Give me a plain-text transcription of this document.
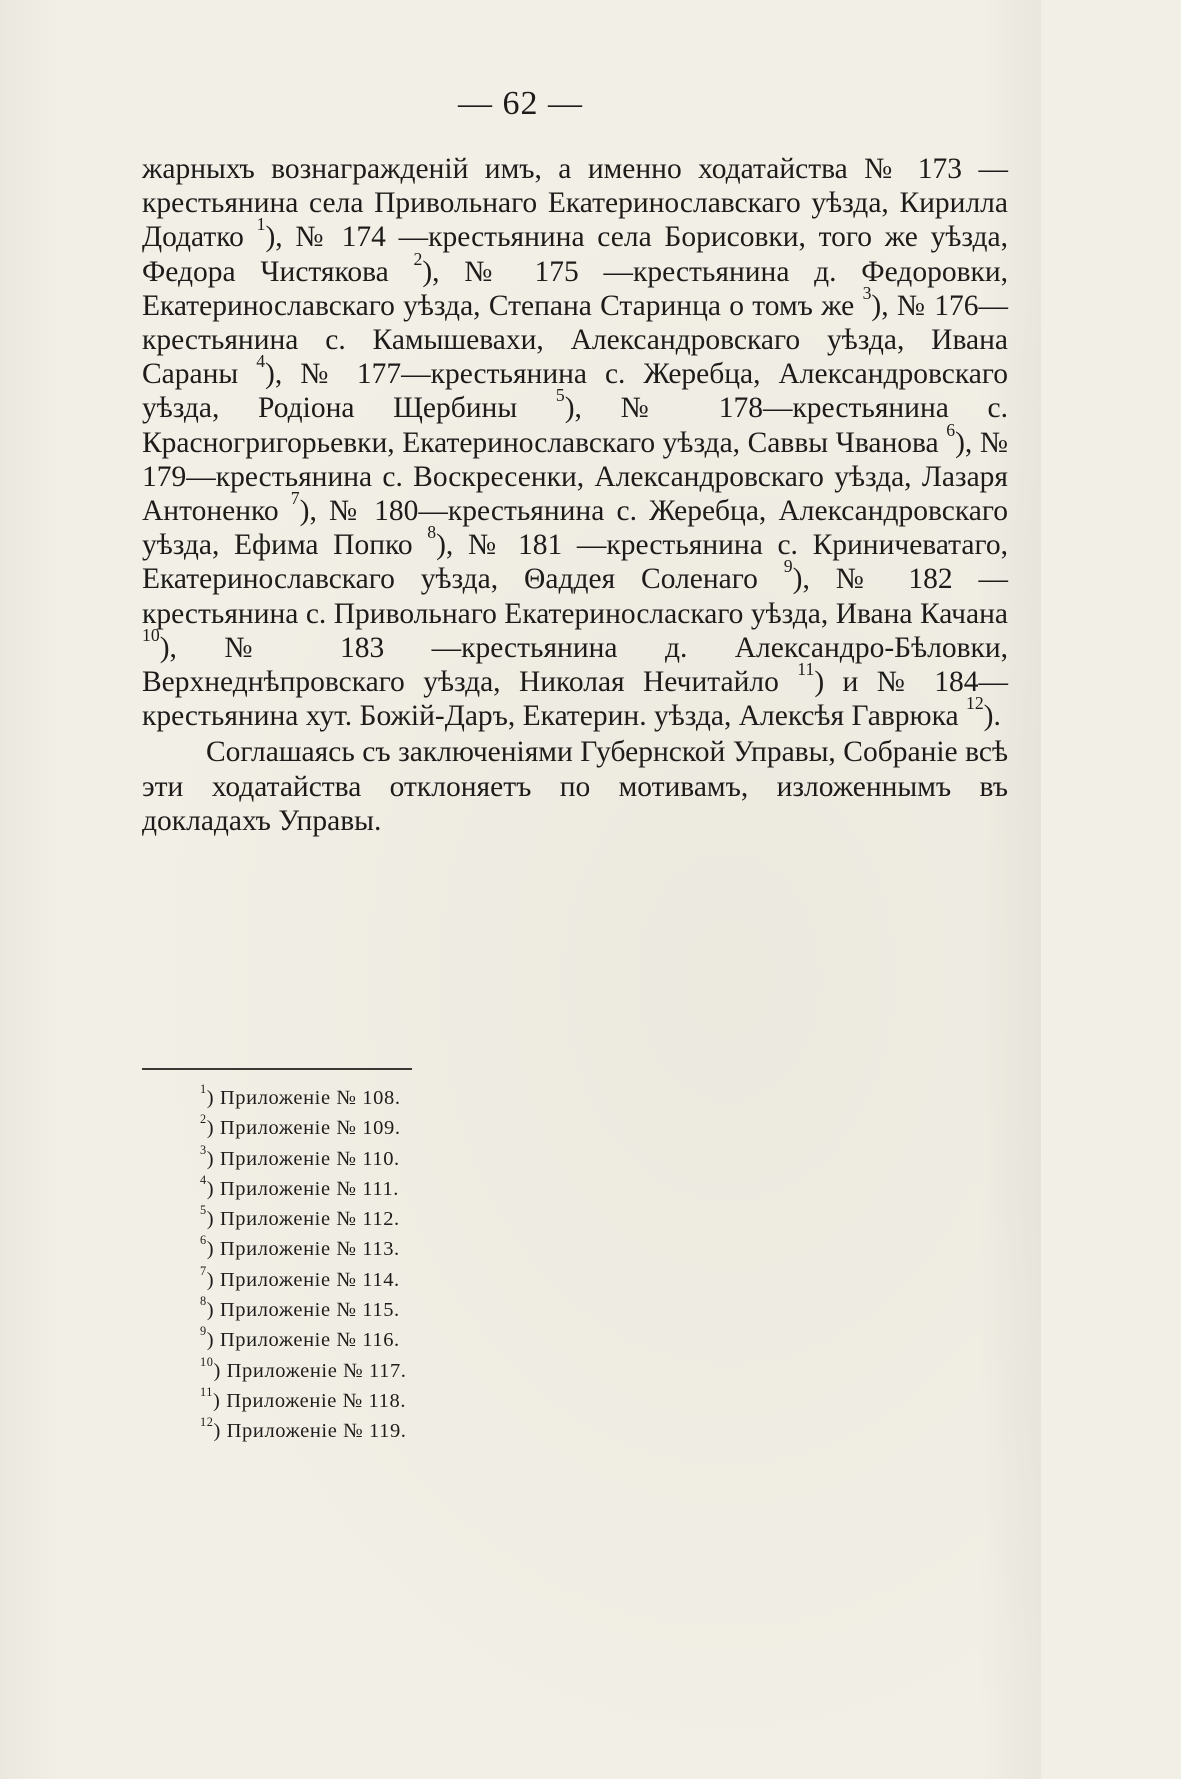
— 62 —

жарныхъ вознагражденій имъ, а именно ходатайства № 173 —крестьянина села Привольнаго Екатеринославскаго уѣзда, Кирилла Додатко $^1$), № 174 —крестьянина села Борисовки, того же уѣзда, Федора Чистякова $^2$), № 175 —крестьянина д. Федоровки, Екатеринославскаго уѣзда, Степана Старинца о томъ же $^3$), № 176—крестьянина с. Камышевахи, Александровскаго уѣзда, Ивана Сараны $^4$), № 177—крестьянина с. Жеребца, Александровскаго уѣзда, Родіона Щербины $^5$), № 178—крестьянина с. Красногригорьевки, Екатеринославскаго уѣзда, Саввы Чванова $^6$), № 179—крестьянина с. Воскресенки, Александровскаго уѣзда, Лазаря Антоненко $^7$), № 180—крестьянина с. Жеребца, Александровскаго уѣзда, Ефима Попко $^8$), № 181 —крестьянина с. Криничеватаго, Екатеринославскаго уѣзда, Θаддея Соленаго $^9$), № 182 —крестьянина с. Привольнаго Екатеринослаcкаго уѣзда, Ивана Качана $^{10}$), № 183 —крестьянина д. Александро-Бѣловки, Верхнеднѣпровскаго уѣзда, Николая Нечитайло $^{11}$) и № 184—крестьянина хут. Божій-Даръ, Екатерин. уѣзда, Алексѣя Гаврюка $^{12}$).

Соглашаясь съ заключеніями Губернской Управы, Собраніе всѣ эти ходатайства отклоняетъ по мотивамъ, изложеннымъ въ докладахъ Управы.

$^1$) Приложеніе № 108.
$^2$) Приложеніе № 109.
$^3$) Приложеніе № 110.
$^4$) Приложеніе № 111.
$^5$) Приложеніе № 112.
$^6$) Приложеніе № 113.
$^7$) Приложеніе № 114.
$^8$) Приложеніе № 115.
$^9$) Приложеніе № 116.
$^{10}$) Приложеніе № 117.
$^{11}$) Приложеніе № 118.
$^{12}$) Приложеніе № 119.
